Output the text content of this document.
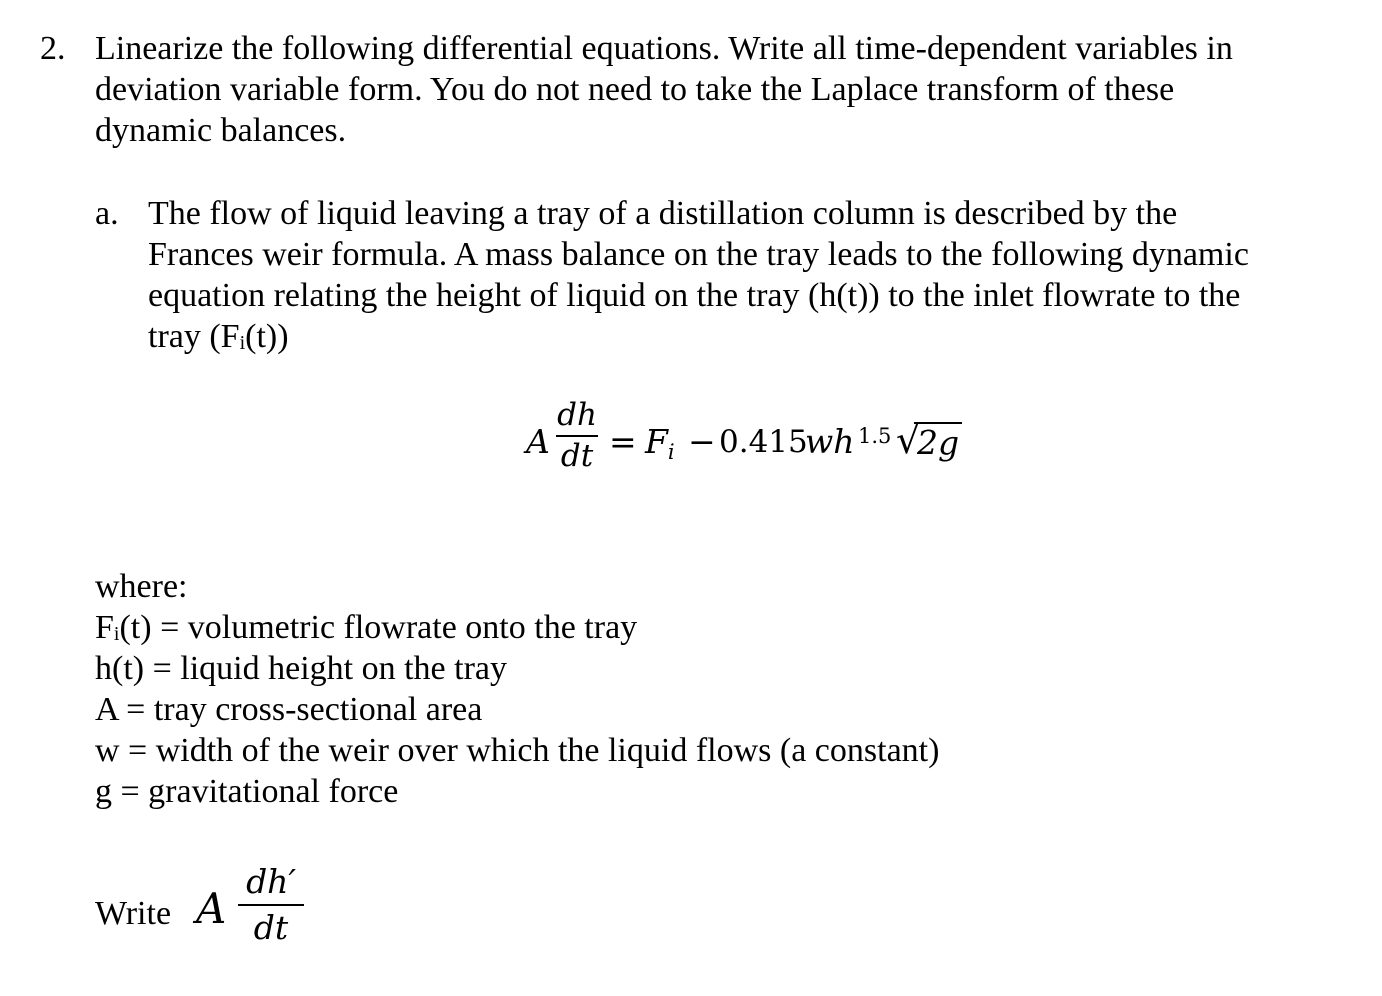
2. Linearize the following differential equations. Write all time-dependent variables in
deviation variable form. You do not need to take the Laplace transform of these
dynamic balances.
a. The flow of liquid leaving a tray of a distillation column is described by the
Frances weir formula. A mass balance on the tray leads to the following dynamic
equation relating the height of liquid on the tray (h(t)) to the inlet flowrate to the
tray $(F_i(t))$
A
dh
dt = $F_i - 0.415$
wh 1.5 √
2g
where:
$F_i(t)$ = volumetric flowrate onto the tray
h(t) = liquid height on the tray
A = tray cross-sectional area
w = width of the weir over which the liquid flows (a constant)
g = gravitational force
Write A
dh′
dt
